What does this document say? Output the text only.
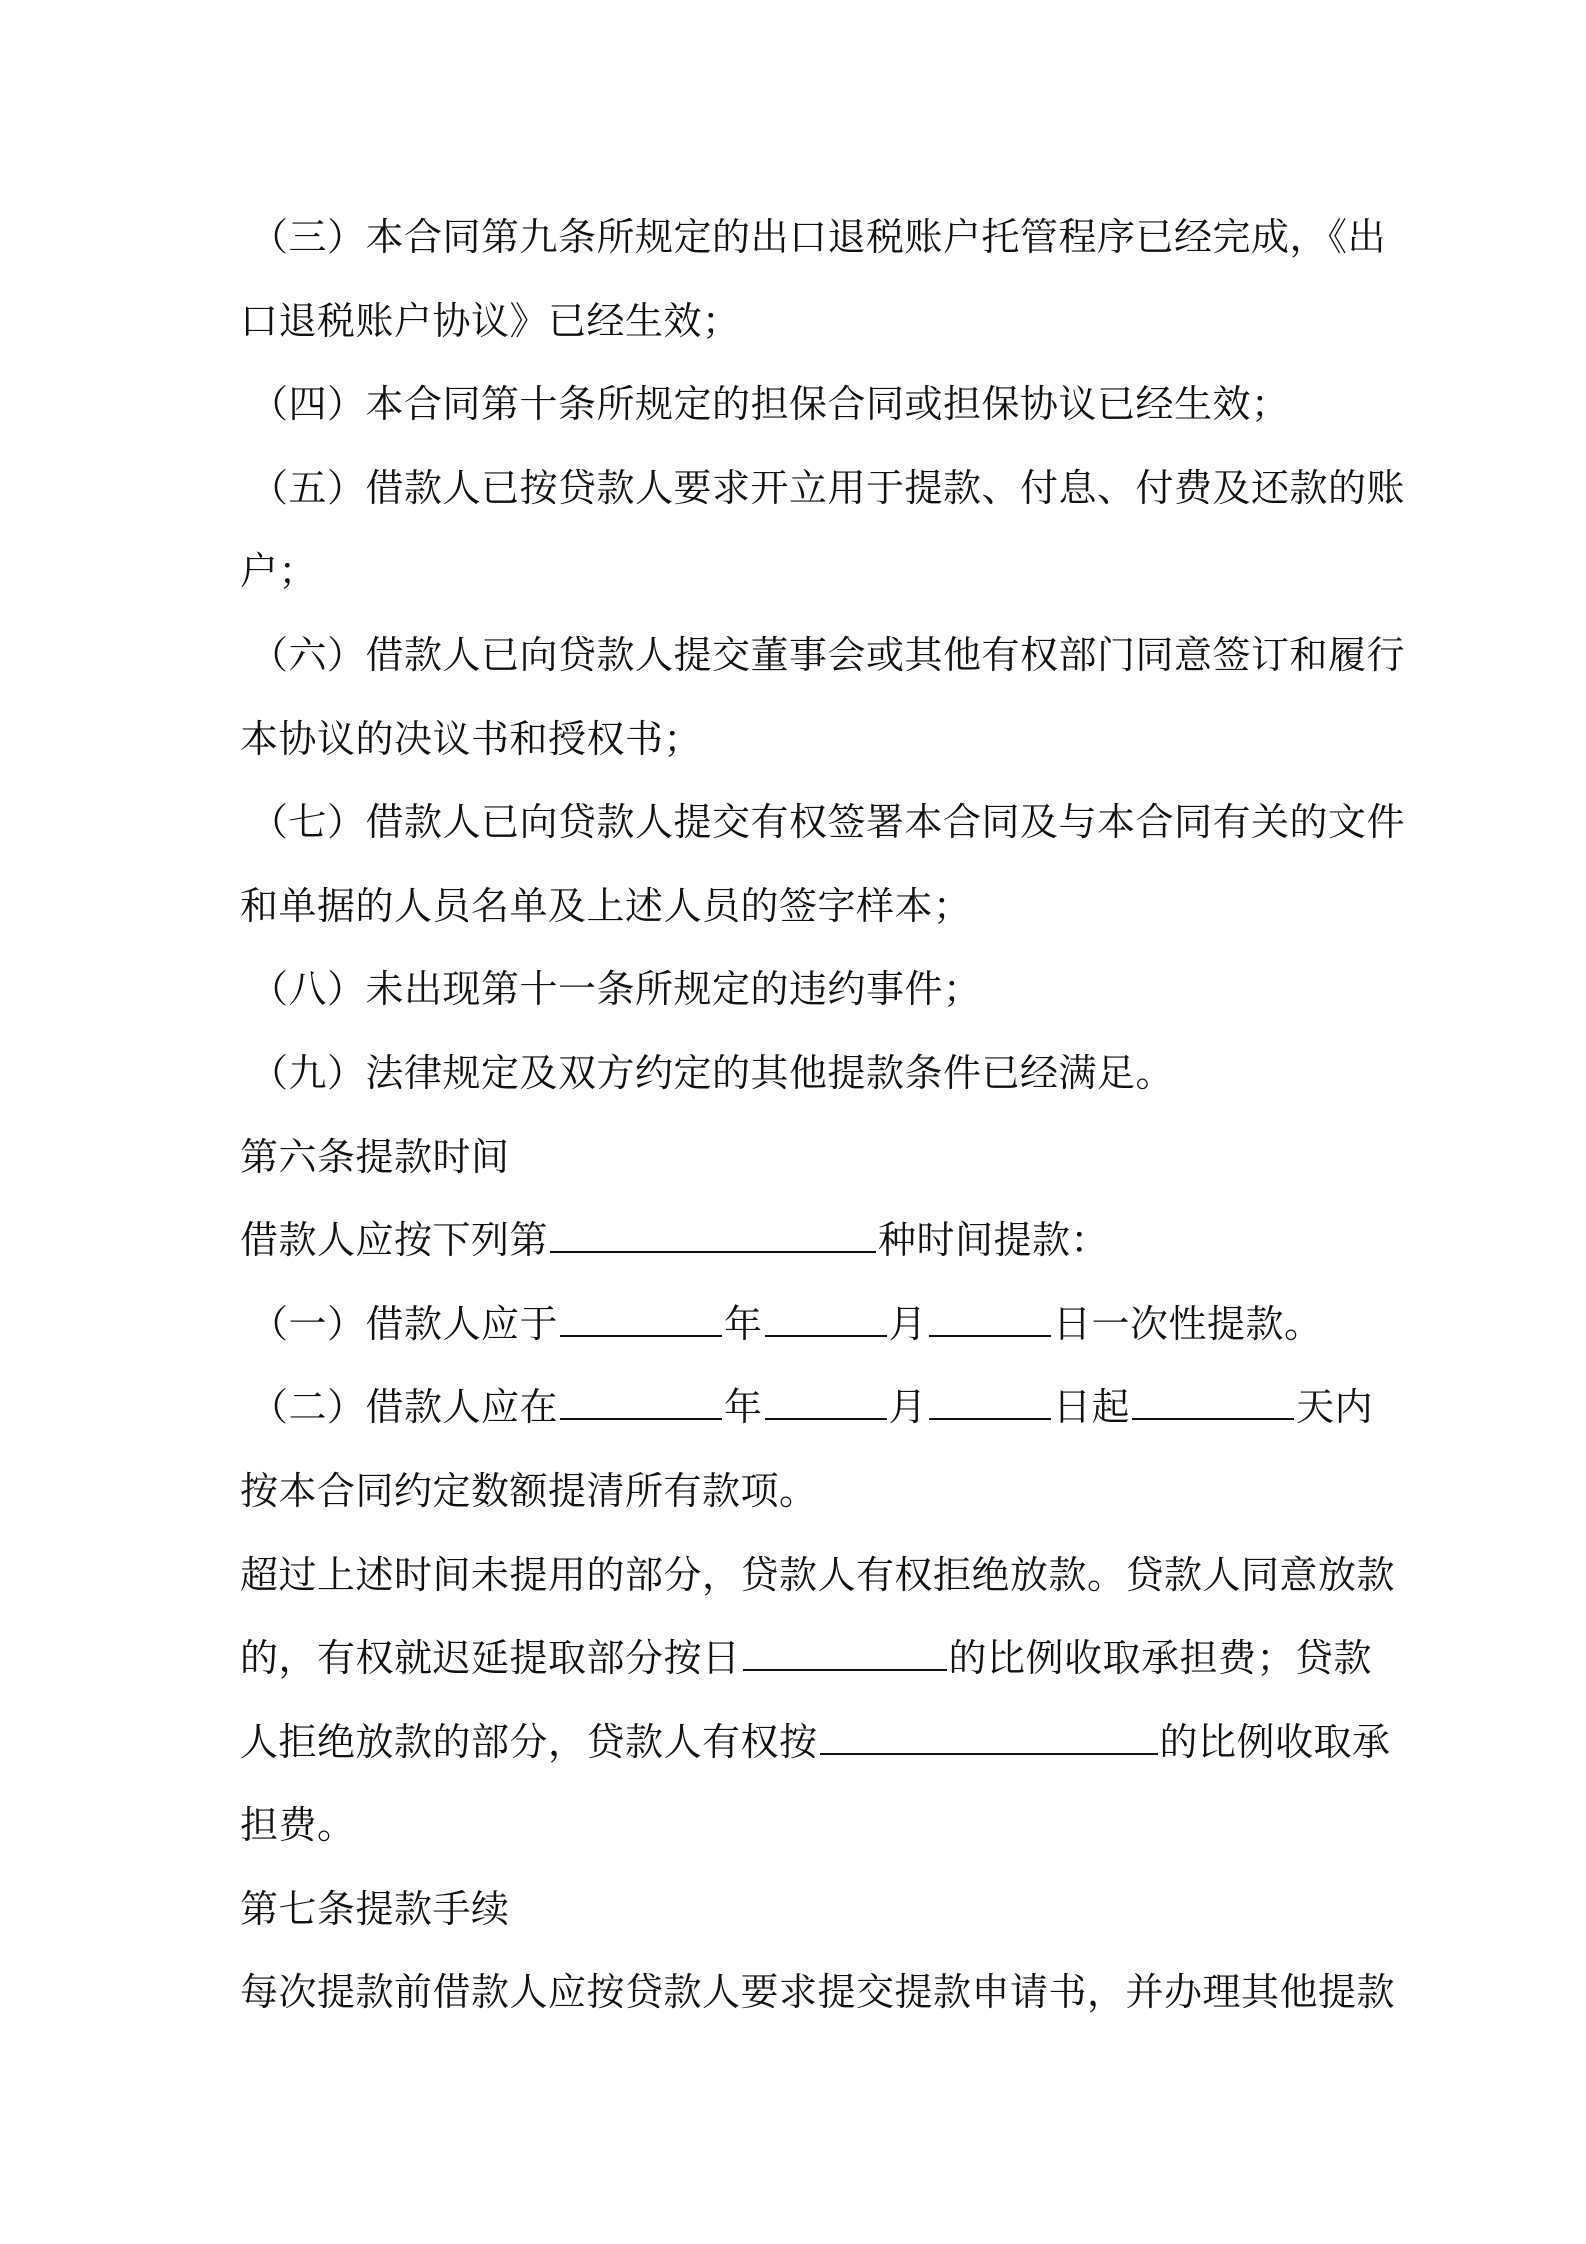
（三）本合同第九条所规定的出口退税账户托管程序已经完成，《出
口退税账户协议》已经生效；
（四）本合同第十条所规定的担保合同或担保协议已经生效；
（五）借款人已按贷款人要求开立用于提款、付息、付费及还款的账
户；
（六）借款人已向贷款人提交董事会或其他有权部门同意签订和履行
本协议的决议书和授权书；
（七）借款人已向贷款人提交有权签署本合同及与本合同有关的文件
和单据的人员名单及上述人员的签字样本；
（八）未出现第十一条所规定的违约事件；
（九）法律规定及双方约定的其他提款条件已经满足。
第六条提款时间
借款人应按下列第	种时间提款：
（一）借款人应于	年	月	日一次性提款。
（二）借款人应在	年	月	日起	天内
按本合同约定数额提清所有款项。
超过上述时间未提用的部分，贷款人有权拒绝放款。贷款人同意放款
的，有权就迟延提取部分按日	的比例收取承担费；贷款
人拒绝放款的部分，贷款人有权按	的比例收取承
担费。
第七条提款手续
每次提款前借款人应按贷款人要求提交提款申请书，并办理其他提款
